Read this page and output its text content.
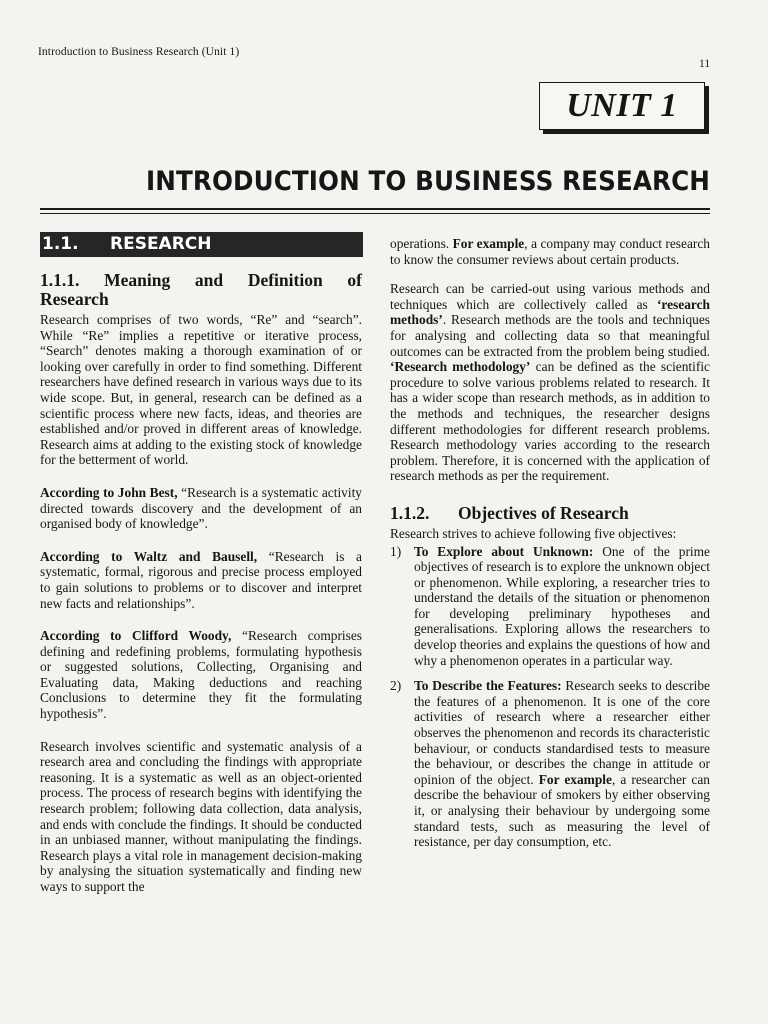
Introduction to Business Research (Unit 1)
11
UNIT 1
INTRODUCTION TO BUSINESS RESEARCH
1.1. RESEARCH
1.1.1. Meaning and Definition of
Research

Research comprises of two words, “Re” and “search”. While “Re” implies a repetitive or iterative process, “Search” denotes making a thorough examination of or looking over carefully in order to find something. Different researchers have defined research in various ways due to its wide scope. But, in general, research can be defined as a scientific process where new facts, ideas, and theories are established and/or proved in different areas of knowledge. Research aims at adding to the existing stock of knowledge for the betterment of world.

According to John Best, “Research is a systematic activity directed towards discovery and the development of an organised body of knowledge”.

According to Waltz and Bausell, “Research is a systematic, formal, rigorous and precise process employed to gain solutions to problems or to discover and interpret new facts and relationships”.

According to Clifford Woody, “Research comprises defining and redefining problems, formulating hypothesis or suggested solutions, Collecting, Organising and Evaluating data, Making deductions and reaching Conclusions to determine they fit the formulating hypothesis”.

Research involves scientific and systematic analysis of a research area and concluding the findings with appropriate reasoning. It is a systematic as well as an object-oriented process. The process of research begins with identifying the research problem; following data collection, data analysis, and ends with conclude the findings. It should be conducted in an unbiased manner, without manipulating the findings. Research plays a vital role in management decision-making by analysing the situation systematically and finding new ways to support the

operations. For example, a company may conduct research to know the consumer reviews about certain products.

Research can be carried-out using various methods and techniques which are collectively called as ‘research methods’. Research methods are the tools and techniques for analysing and collecting data so that meaningful outcomes can be extracted from the problem being studied. ‘Research methodology’ can be defined as the scientific procedure to solve various problems related to research. It has a wider scope than research methods, as in addition to the methods and techniques, the researcher designs different methodologies for different research problems. Research methodology varies according to the research problem. Therefore, it is concerned with the application of research methods as per the requirement.

1.1.2. Objectives of Research

Research strives to achieve following five objectives:

1) To Explore about Unknown: One of the prime objectives of research is to explore the unknown object or phenomenon. While exploring, a researcher tries to understand the details of the situation or phenomenon for developing preliminary hypotheses and generalisations. Exploring allows the researchers to develop theories and explains the questions of how and why a phenomenon operates in a particular way.
2) To Describe the Features: Research seeks to describe the features of a phenomenon. It is one of the core activities of research where a researcher either observes the phenomenon and records its characteristic behaviour, or conducts standardised tests to measure the behaviour, or describes the change in attitude or opinion of the object. For example, a researcher can describe the behaviour of smokers by either observing it, or analysing their behaviour by undergoing some standard tests, such as measuring the level of resistance, per day consumption, etc.
